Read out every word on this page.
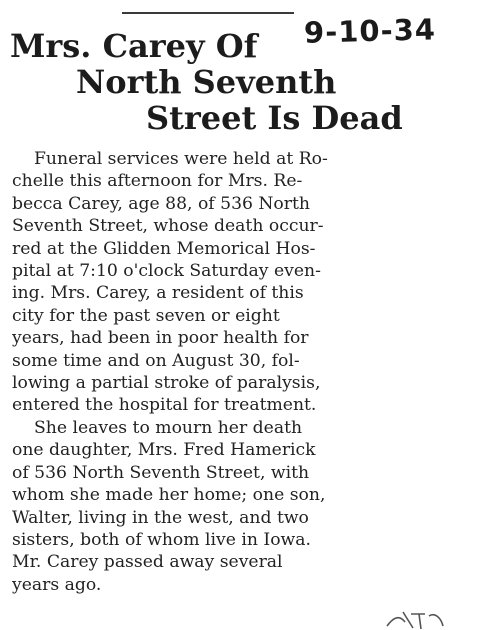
9-10-34
Mrs. Carey Of
North Seventh
Street Is Dead
Funeral services were held at Ro-
chelle this afternoon for Mrs. Re-
becca Carey, age 88, of 536 North
Seventh Street, whose death occur-
red at the Glidden Memorical Hos-
pital at 7:10 o'clock Saturday even-
ing. Mrs. Carey, a resident of this
city for the past seven or eight
years, had been in poor health for
some time and on August 30, fol-
lowing a partial stroke of paralysis,
entered the hospital for treatment.
She leaves to mourn her death
one daughter, Mrs. Fred Hamerick
of 536 North Seventh Street, with
whom she made her home; one son,
Walter, living in the west, and two
sisters, both of whom live in Iowa.
Mr. Carey passed away several
years ago.
